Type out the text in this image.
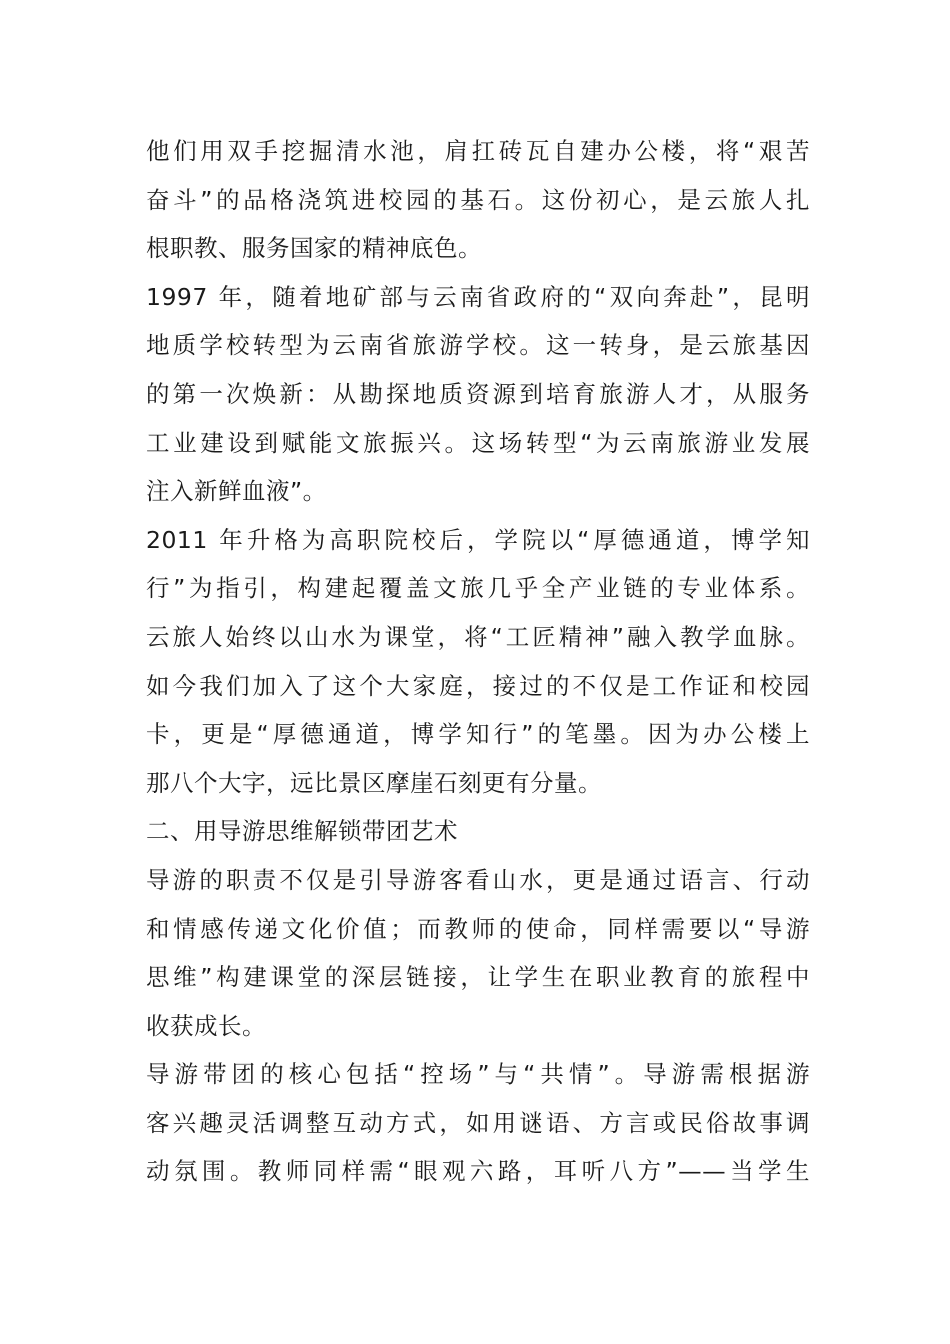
他们用双手挖掘清水池，肩扛砖瓦自建办公楼，将“艰苦
奋斗”的品格浇筑进校园的基石。这份初心，是云旅人扎
根职教、服务国家的精神底色。
1997 年，随着地矿部与云南省政府的“双向奔赴”，昆明
地质学校转型为云南省旅游学校。这一转身，是云旅基因
的第一次焕新：从勘探地质资源到培育旅游人才，从服务
工业建设到赋能文旅振兴。这场转型“为云南旅游业发展
注入新鲜血液”。
2011 年升格为高职院校后，学院以“厚德通道，博学知
行”为指引，构建起覆盖文旅几乎全产业链的专业体系。
云旅人始终以山水为课堂，将“工匠精神”融入教学血脉。
如今我们加入了这个大家庭，接过的不仅是工作证和校园
卡，更是“厚德通道，博学知行”的笔墨。因为办公楼上
那八个大字，远比景区摩崖石刻更有分量。
二、用导游思维解锁带团艺术
导游的职责不仅是引导游客看山水，更是通过语言、行动
和情感传递文化价值；而教师的使命，同样需要以“导游
思维”构建课堂的深层链接，让学生在职业教育的旅程中
收获成长。
导游带团的核心包括“控场”与“共情”。导游需根据游
客兴趣灵活调整互动方式，如用谜语、方言或民俗故事调
动氛围。教师同样需“眼观六路，耳听八方”——当学生
